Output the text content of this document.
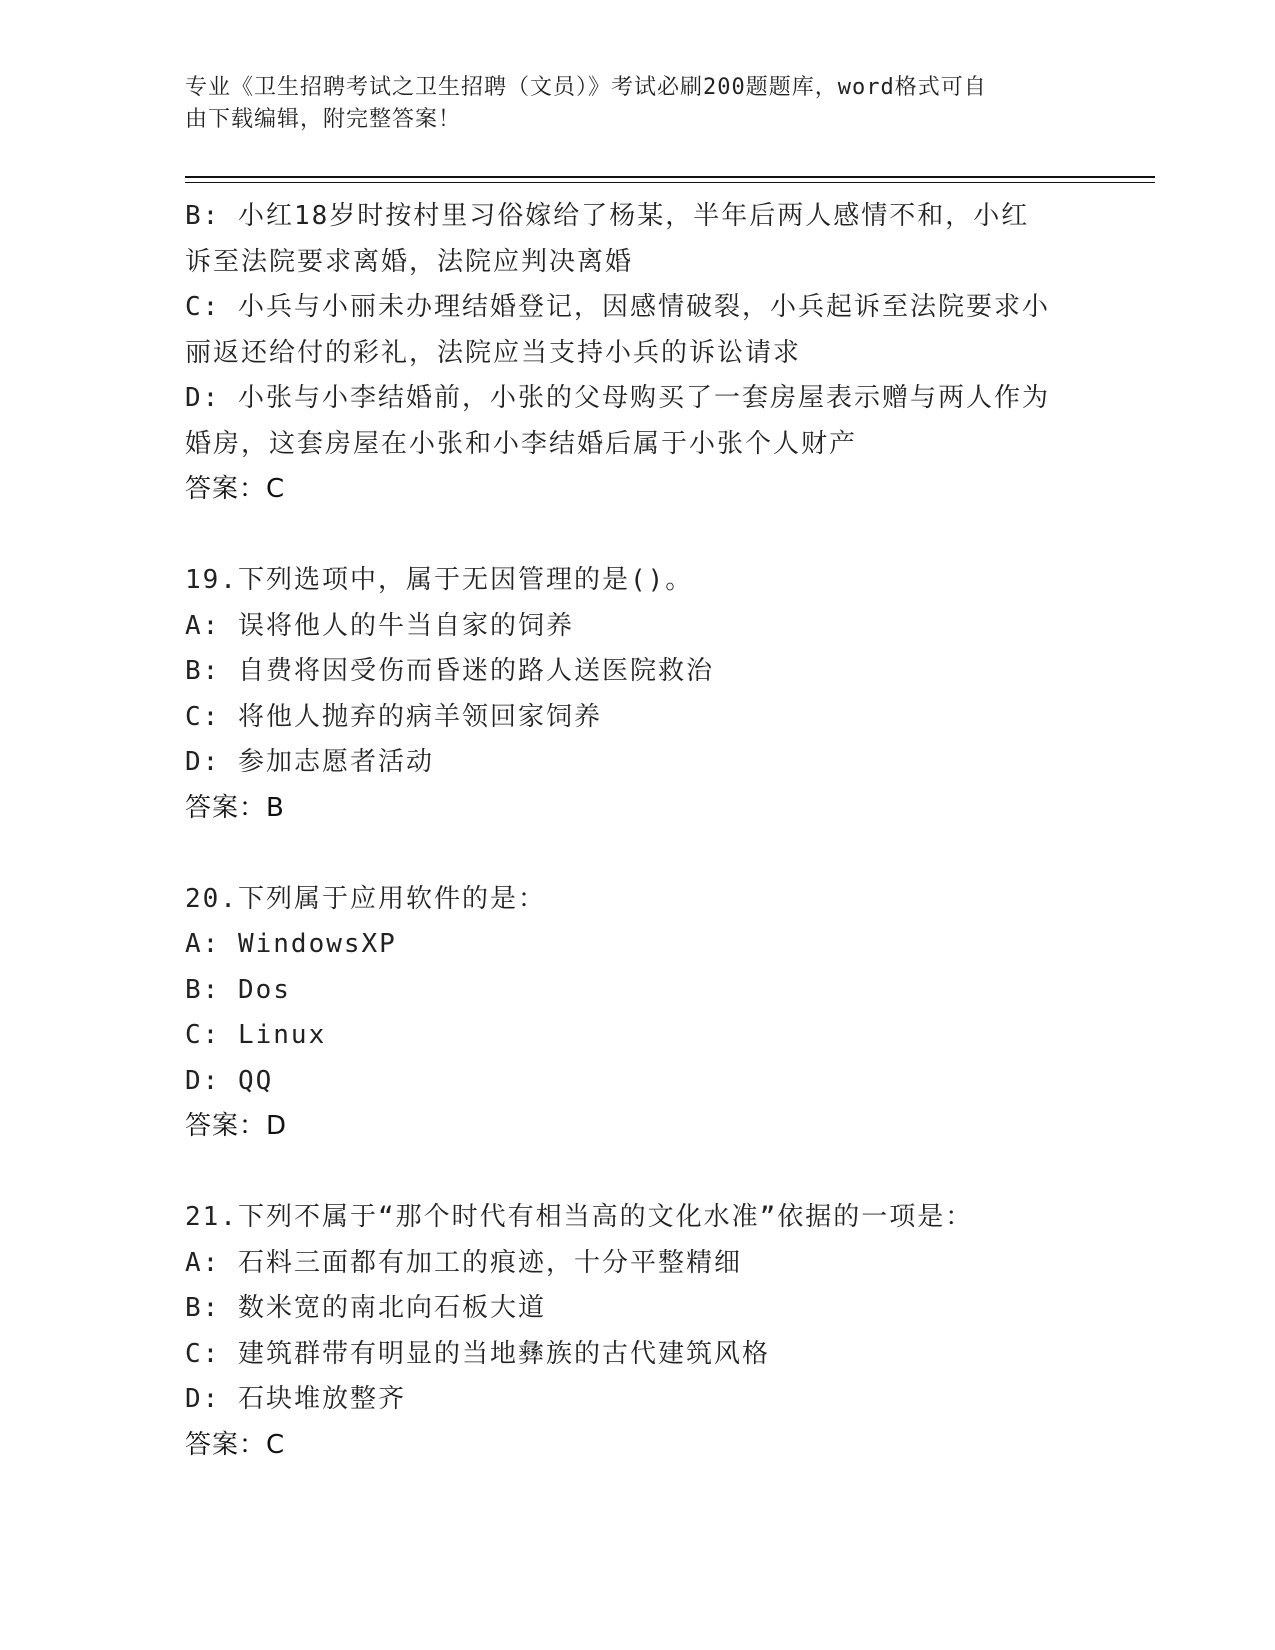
专业《卫生招聘考试之卫生招聘（文员）》考试必刷200题题库，word格式可自
由下载编辑，附完整答案！
B: 小红18岁时按村里习俗嫁给了杨某，半年后两人感情不和，小红
诉至法院要求离婚，法院应判决离婚
C: 小兵与小丽未办理结婚登记，因感情破裂，小兵起诉至法院要求小
丽返还给付的彩礼，法院应当支持小兵的诉讼请求
D: 小张与小李结婚前，小张的父母购买了一套房屋表示赠与两人作为
婚房，这套房屋在小张和小李结婚后属于小张个人财产
答案：C
19.下列选项中，属于无因管理的是()。
A: 误将他人的牛当自家的饲养
B: 自费将因受伤而昏迷的路人送医院救治
C: 将他人抛弃的病羊领回家饲养
D: 参加志愿者活动
答案：B
20.下列属于应用软件的是：
A: WindowsXP
B: Dos
C: Linux
D: QQ
答案：D
21.下列不属于“那个时代有相当高的文化水准”依据的一项是：
A: 石料三面都有加工的痕迹，十分平整精细
B: 数米宽的南北向石板大道
C: 建筑群带有明显的当地彝族的古代建筑风格
D: 石块堆放整齐
答案：C
